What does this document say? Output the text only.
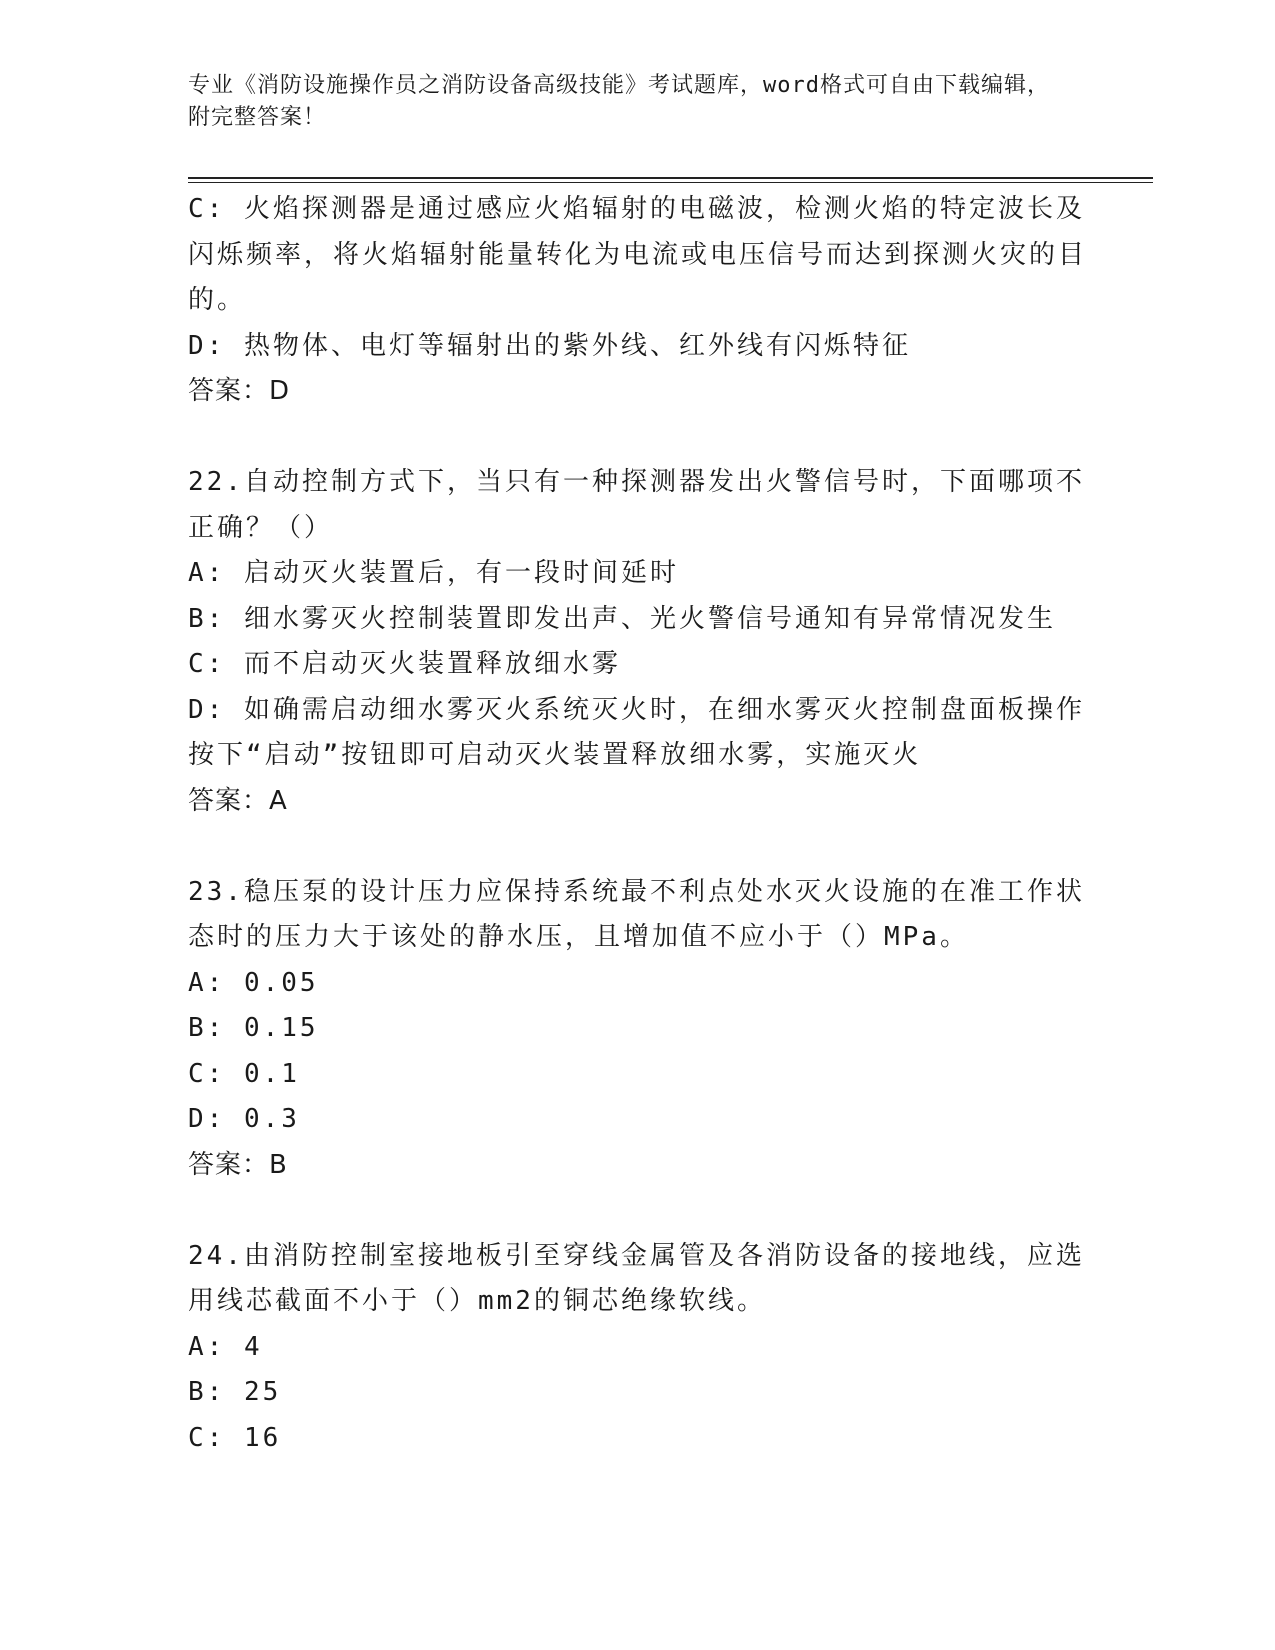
专业《消防设施操作员之消防设备高级技能》考试题库，word格式可自由下载编辑，附完整答案！
C: 火焰探测器是通过感应火焰辐射的电磁波，检测火焰的特定波长及闪烁频率，将火焰辐射能量转化为电流或电压信号而达到探测火灾的目的。
D: 热物体、电灯等辐射出的紫外线、红外线有闪烁特征
答案：D
22.自动控制方式下，当只有一种探测器发出火警信号时，下面哪项不正确？（）
A: 启动灭火装置后，有一段时间延时
B: 细水雾灭火控制装置即发出声、光火警信号通知有异常情况发生
C: 而不启动灭火装置释放细水雾
D: 如确需启动细水雾灭火系统灭火时，在细水雾灭火控制盘面板操作按下“启动”按钮即可启动灭火装置释放细水雾，实施灭火
答案：A
23.稳压泵的设计压力应保持系统最不利点处水灭火设施的在准工作状态时的压力大于该处的静水压，且增加值不应小于（）MPa。
A: 0.05
B: 0.15
C: 0.1
D: 0.3
答案：B
24.由消防控制室接地板引至穿线金属管及各消防设备的接地线，应选用线芯截面不小于（）mm2的铜芯绝缘软线。
A: 4
B: 25
C: 16
